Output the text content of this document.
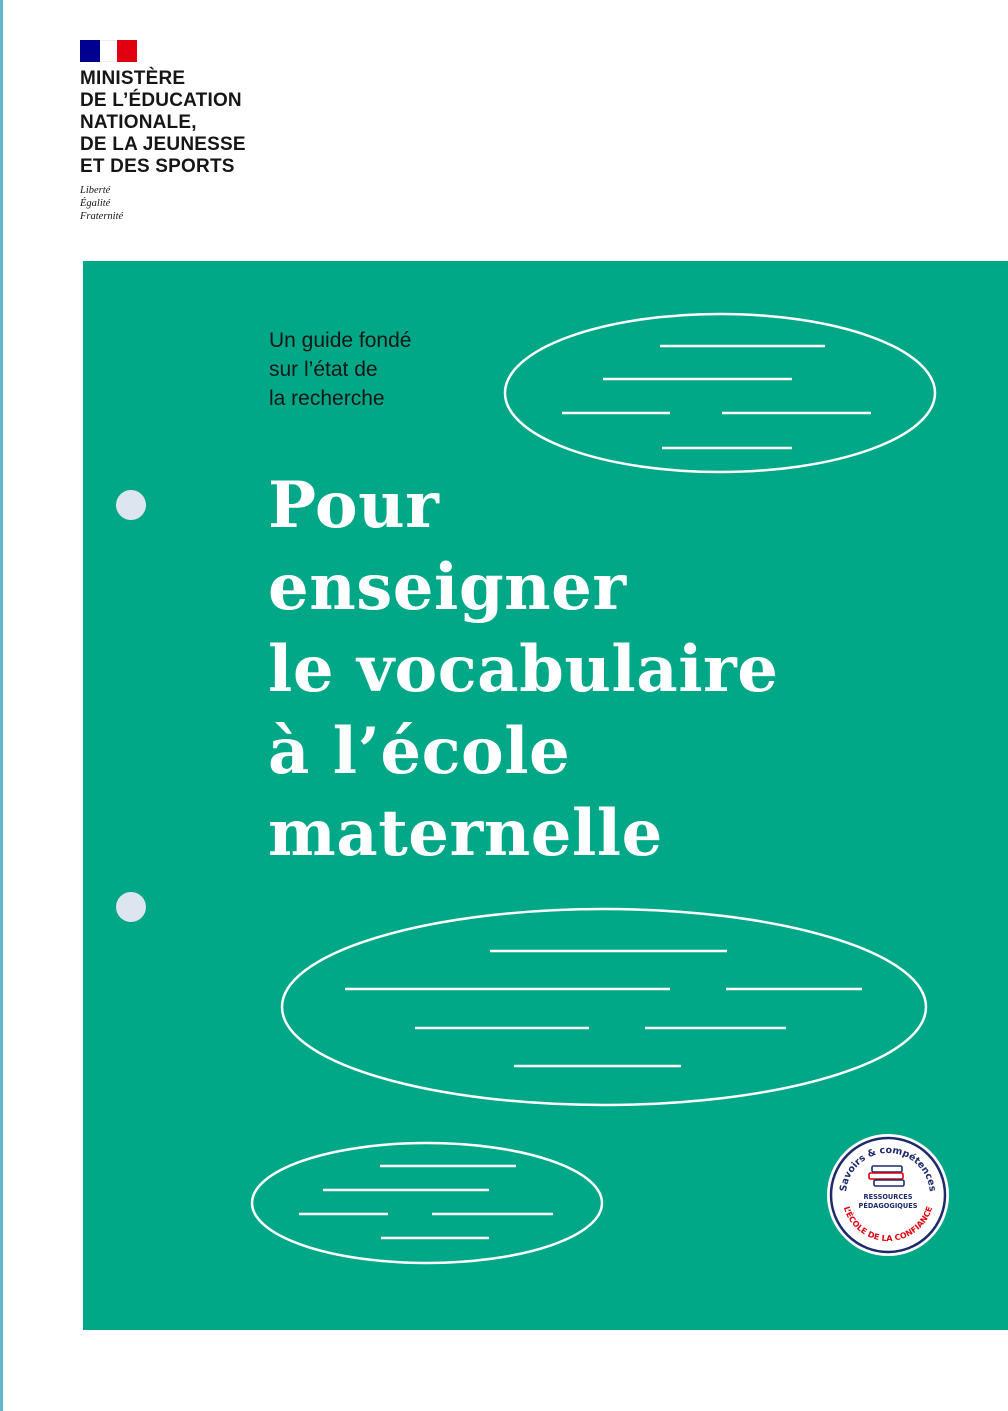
MINISTÈRE
DE L’ÉDUCATION
NATIONALE,
DE LA JEUNESSE
ET DES SPORTS
Liberté
Égalité
Fraternité
Un guide fondé
sur l’état de
la recherche
Pour
enseigner
le vocabulaire
à l’école
maternelle
Savoirs & compétences
L’ÉCOLE DE LA CONFIANCE
RESSOURCES
PÉDAGOGIQUES
